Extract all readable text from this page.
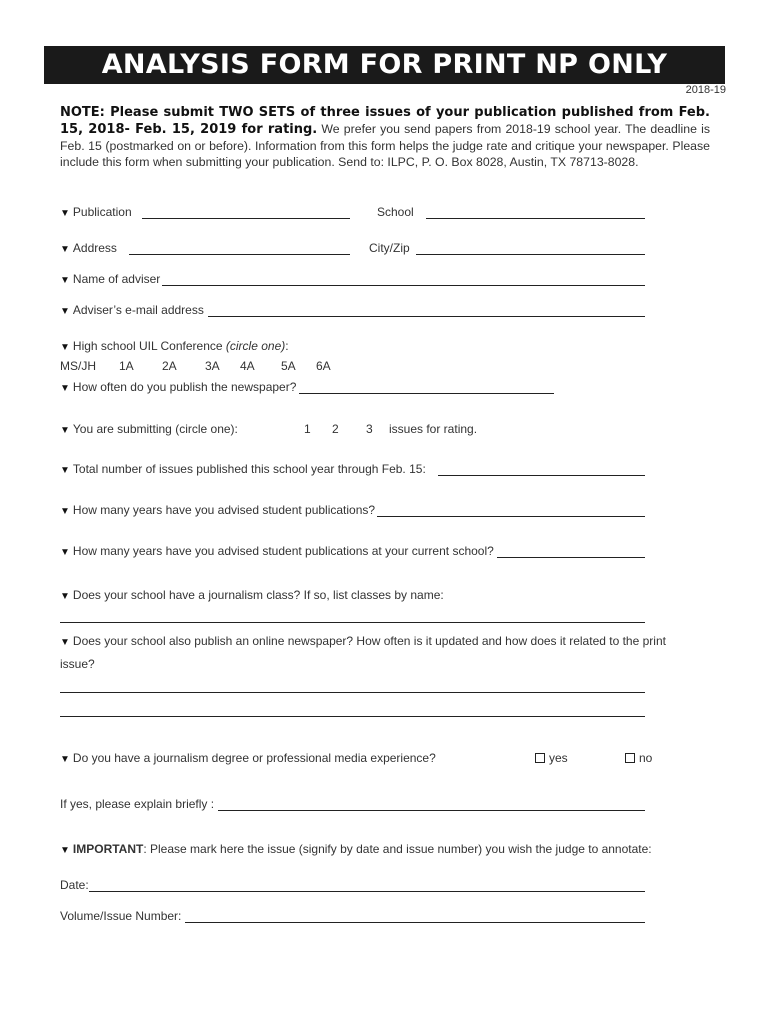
ANALYSIS FORM FOR PRINT NP ONLY
2018-19
NOTE: Please submit TWO SETS of three issues of your publication published from Feb. 15, 2018- Feb. 15, 2019 for rating. We prefer you send papers from 2018-19 school year. The deadline is Feb. 15 (postmarked on or before). Information from this form helps the judge rate and critique your newspaper. Please include this form when submitting your publication. Send to: ILPC, P. O. Box 8028, Austin, TX 78713-8028.
▼ Publication	School
▼ Address	City/Zip
▼ Name of adviser
▼ Adviser’s e-mail address
▼ High school UIL Conference (circle one):
MS/JH 1A 2A 3A 4A 5A 6A
▼ How often do you publish the newspaper?
▼ You are submitting (circle one):	1 2 3 issues for rating.
▼ Total number of issues published this school year through Feb. 15:
▼ How many years have you advised student publications?
▼ How many years have you advised student publications at your current school?
▼ Does your school have a journalism class? If so, list classes by name:
▼ Does your school also publish an online newspaper? How often is it updated and how does it related to the print
issue?
▼ Do you have a journalism degree or professional media experience?	yes	no
If yes, please explain briefly :
▼ IMPORTANT: Please mark here the issue (signify by date and issue number) you wish the judge to annotate:
Date:
Volume/Issue Number:
